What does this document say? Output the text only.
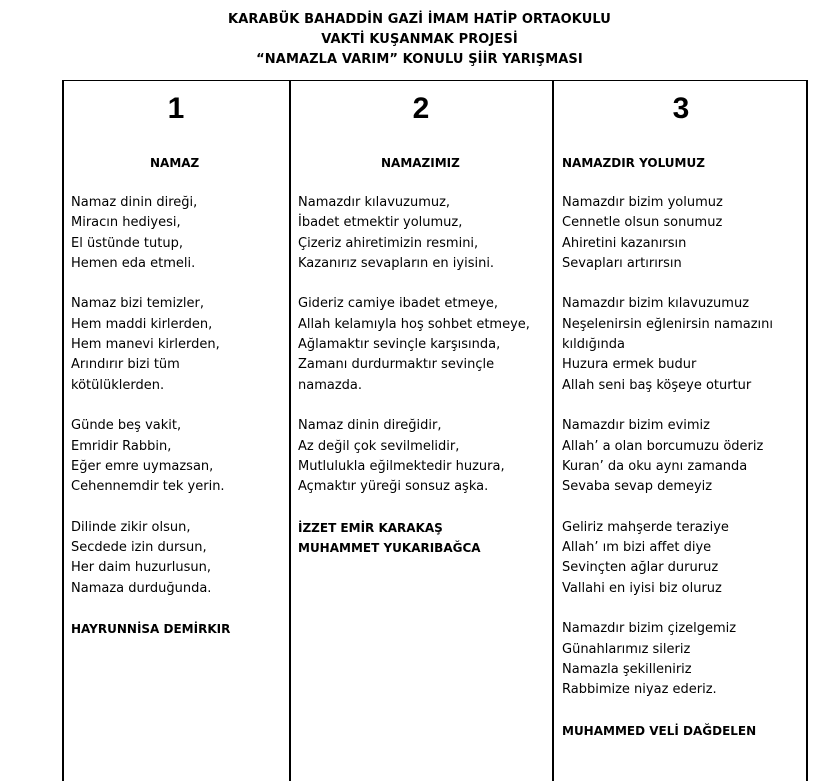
KARABÜK BAHADDİN GAZİ İMAM HATİP ORTAOKULU
VAKTİ KUŞANMAK PROJESİ
“NAMAZLA VARIM” KONULU ŞİİR YARIŞMASI
1
NAMAZ
Namaz dinin direği,
Miracın hediyesi,
El üstünde tutup,
Hemen eda etmeli.
Namaz bizi temizler,
Hem maddi kirlerden,
Hem manevi kirlerden,
Arındırır bizi tüm
kötülüklerden.
Günde beş vakit,
Emridir Rabbin,
Eğer emre uymazsan,
Cehennemdir tek yerin.
Dilinde zikir olsun,
Secdede izin dursun,
Her daim huzurlusun,
Namaza durduğunda.
HAYRUNNİSA DEMİRKIR
2
NAMAZIMIZ
Namazdır kılavuzumuz,
İbadet etmektir yolumuz,
Çizeriz ahiretimizin resmini,
Kazanırız sevapların en iyisini.
Gideriz camiye ibadet etmeye,
Allah kelamıyla hoş sohbet etmeye,
Ağlamaktır sevinçle karşısında,
Zamanı durdurmaktır sevinçle
namazda.
Namaz dinin direğidir,
Az değil çok sevilmelidir,
Mutlulukla eğilmektedir huzura,
Açmaktır yüreği sonsuz aşka.
İZZET EMİR KARAKAŞ
MUHAMMET YUKARIBAĞCA
3
NAMAZDIR YOLUMUZ
Namazdır bizim yolumuz
Cennetle olsun sonumuz
Ahiretini kazanırsın
Sevapları artırırsın
Namazdır bizim kılavuzumuz
Neşelenirsin eğlenirsin namazını
kıldığında
Huzura ermek budur
Allah seni baş köşeye oturtur
Namazdır bizim evimiz
Allah’ a olan borcumuzu öderiz
Kuran’ da oku aynı zamanda
Sevaba sevap demeyiz
Geliriz mahşerde teraziye
Allah’ ım bizi affet diye
Sevinçten ağlar dururuz
Vallahi en iyisi biz oluruz
Namazdır bizim çizelgemiz
Günahlarımız sileriz
Namazla şekilleniriz
Rabbimize niyaz ederiz.
MUHAMMED VELİ DAĞDELEN
